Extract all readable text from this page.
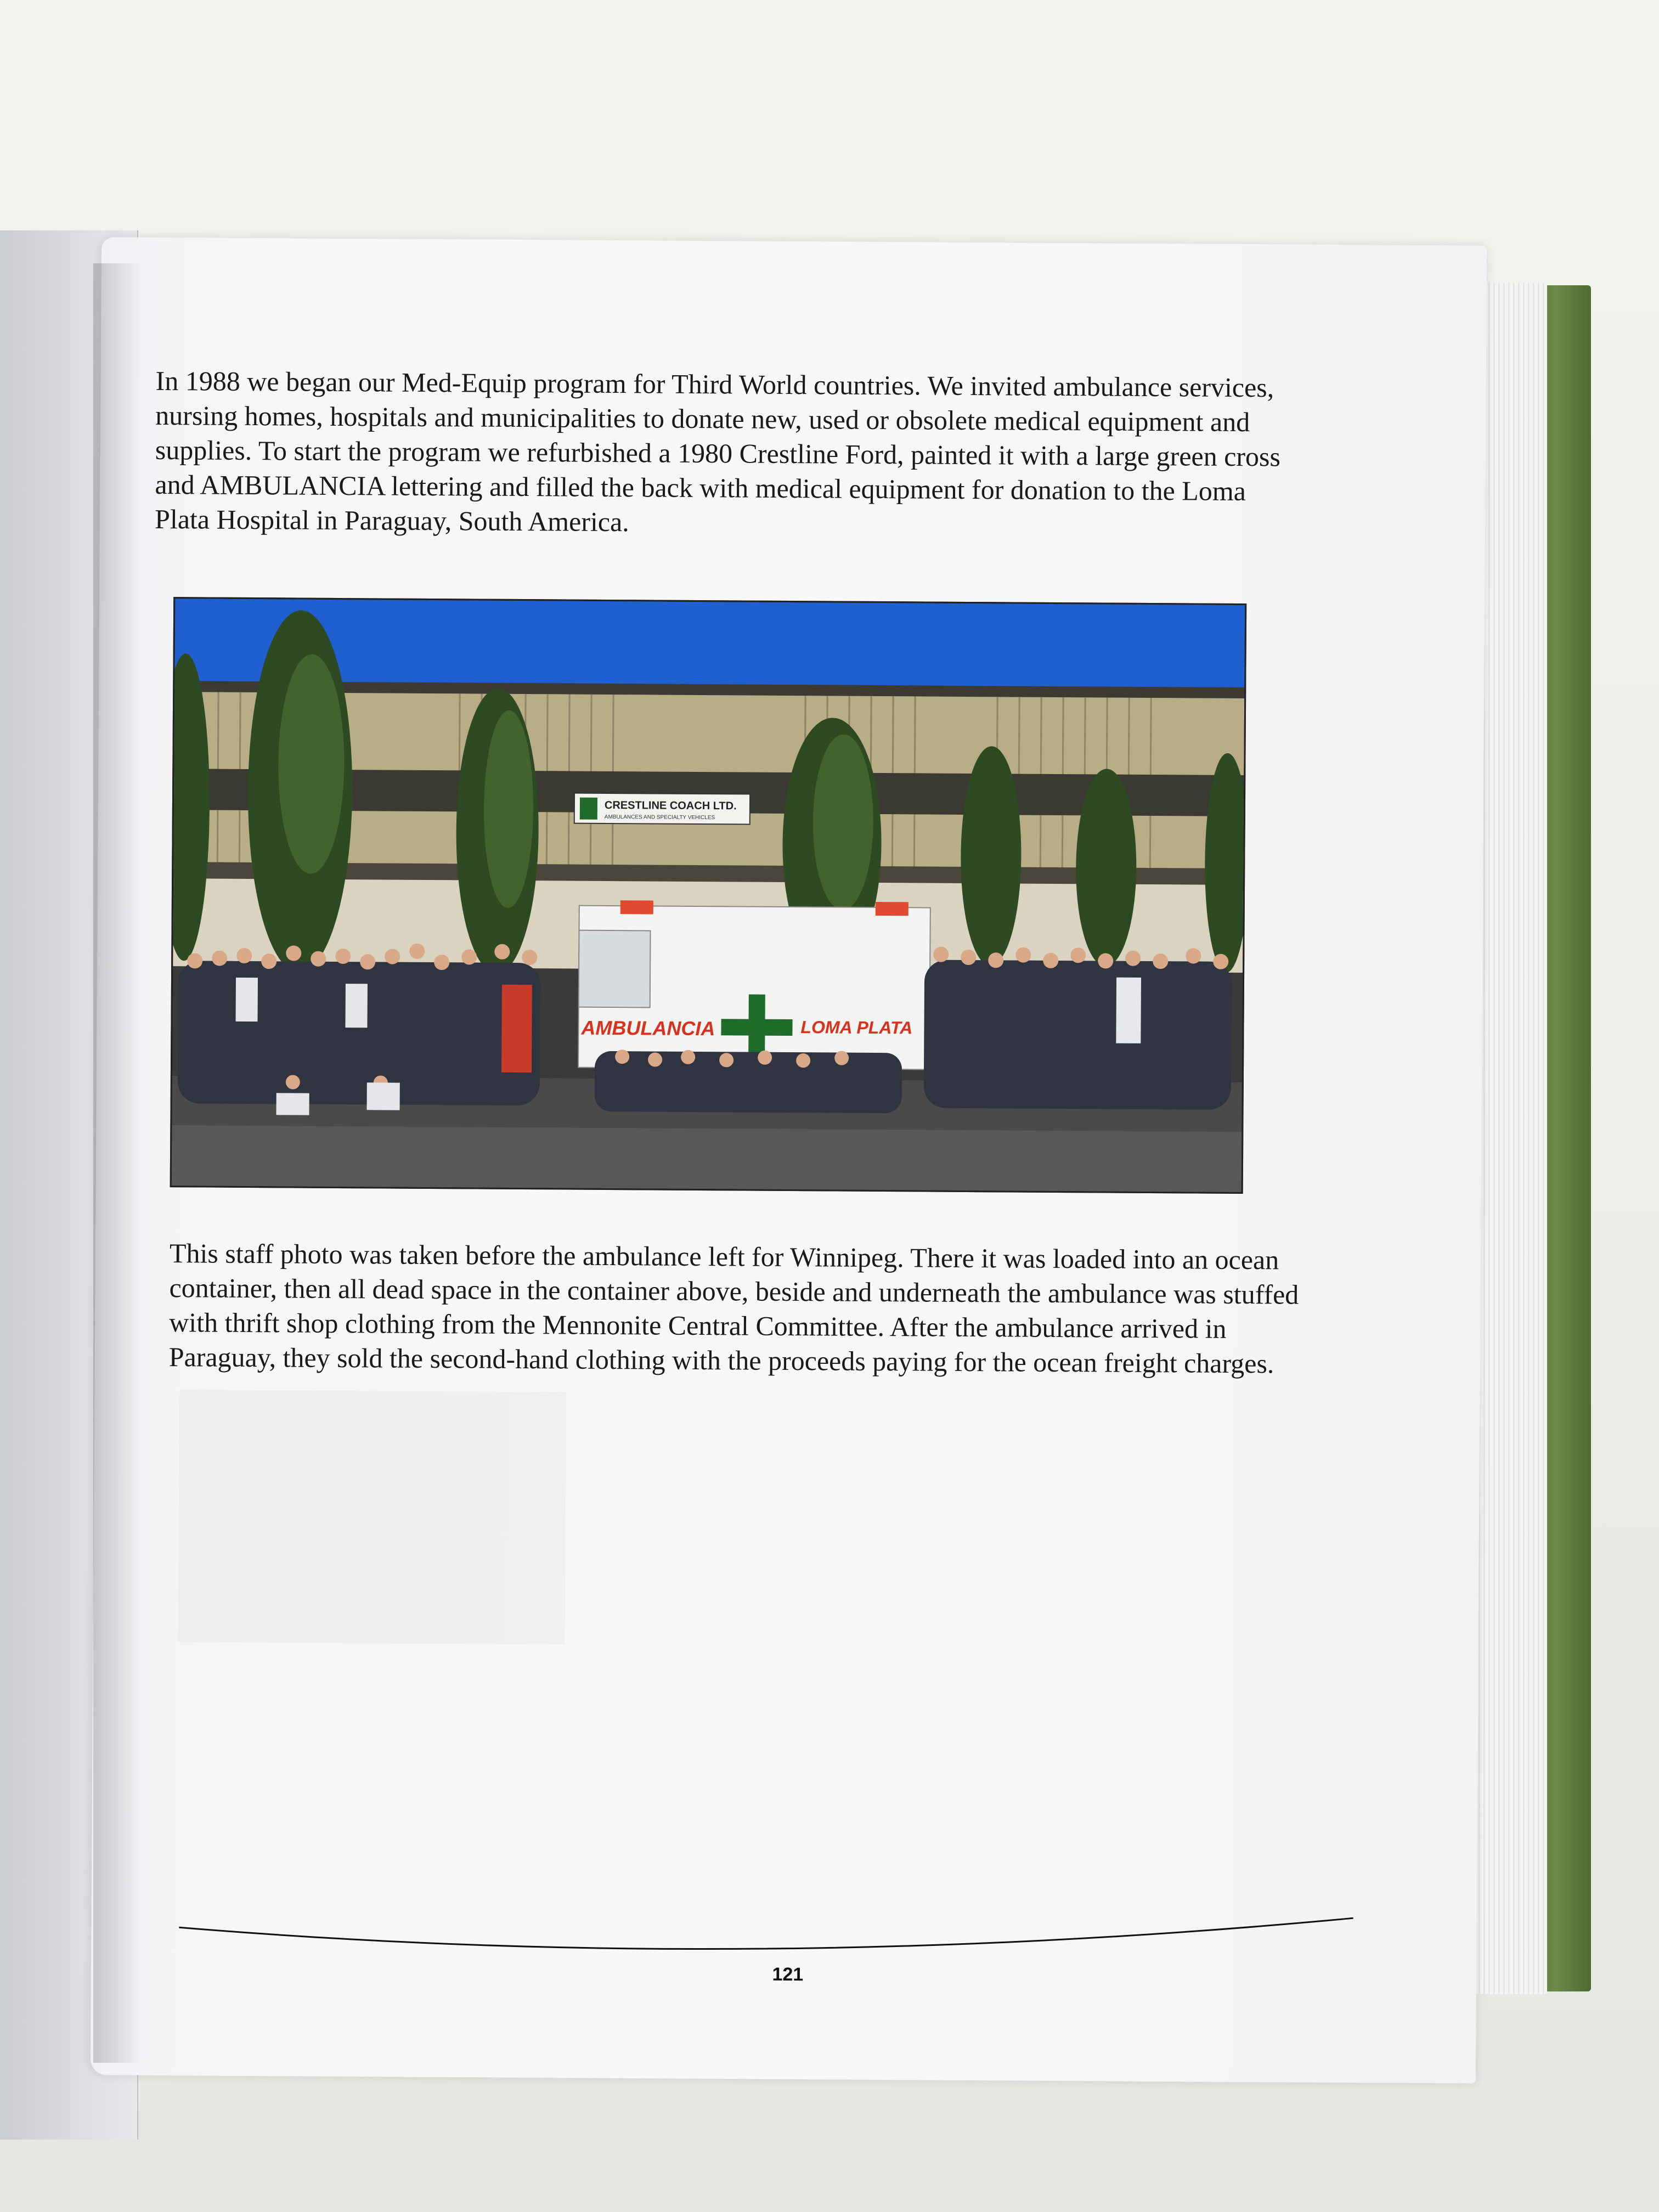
In 1988 we began our Med-Equip program for Third World countries. We invited ambulance services,
nursing homes, hospitals and municipalities to donate new, used or obsolete medical equipment and
supplies. To start the program we refurbished a 1980 Crestline Ford, painted it with a large green cross
and AMBULANCIA lettering and filled the back with medical equipment for donation to the Loma
Plata Hospital in Paraguay, South America.
CRESTLINE COACH LTD.
AMBULANCES AND SPECIALTY VEHICLES
AMBULANCIA	LOMA PLATA
This staff photo was taken before the ambulance left for Winnipeg. There it was loaded into an ocean
container, then all dead space in the container above, beside and underneath the ambulance was stuffed
with thrift shop clothing from the Mennonite Central Committee. After the ambulance arrived in
Paraguay, they sold the second-hand clothing with the proceeds paying for the ocean freight charges.
121
